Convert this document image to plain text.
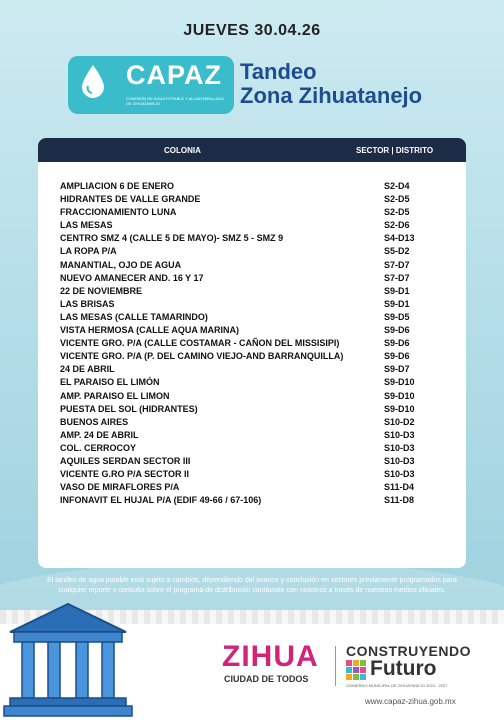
JUEVES 30.04.26
CAPAZ
COMISIÓN DE AGUA POTABLE Y ALCANTARILLADO DE ZIHUATANEJO
Tandeo
Zona Zihuatanejo
COLONIA	SECTOR | DISTRITO
AMPLIACION 6 DE ENERO	S2-D4
HIDRANTES DE VALLE GRANDE	S2-D5
FRACCIONAMIENTO LUNA	S2-D5
LAS MESAS	S2-D6
CENTRO SMZ 4 (CALLE 5 DE MAYO)- SMZ 5 - SMZ 9	S4-D13
LA ROPA P/A	S5-D2
MANANTIAL, OJO DE AGUA	S7-D7
NUEVO AMANECER AND. 16 Y 17	S7-D7
22 DE NOVIEMBRE	S9-D1
LAS BRISAS	S9-D1
LAS MESAS (CALLE TAMARINDO)	S9-D5
VISTA HERMOSA (CALLE AQUA MARINA)	S9-D6
VICENTE GRO. P/A (CALLE COSTAMAR - CAÑON DEL MISSISIPI)	S9-D6
VICENTE GRO. P/A (P. DEL CAMINO VIEJO-AND BARRANQUILLA)	S9-D6
24 DE ABRIL	S9-D7
EL PARAISO EL LIMÓN	S9-D10
AMP. PARAISO EL LIMON	S9-D10
PUESTA DEL SOL (HIDRANTES)	S9-D10
BUENOS AIRES	S10-D2
AMP. 24 DE ABRIL	S10-D3
COL. CERROCOY	S10-D3
AQUILES SERDAN SECTOR III	S10-D3
VICENTE G.RO P/A SECTOR II	S10-D3
VASO DE MIRAFLORES P/A	S11-D4
INFONAVIT EL HUJAL P/A (EDIF 49-66 / 67-106)	S11-D8
El tandeo de agua potable está sujeto a cambios, dependiendo del avance y conclusión en sectores previamente programados para cualquier reporte o consulta sobre el programa de distribución contáctate con nosotros a través de nuestros medios oficiales.
ZIHUA
CIUDAD DE TODOS
CONSTRUYENDO
Futuro
GOBIERNO MUNICIPAL DE ZIHUATANEJO 2024 - 2027
www.capaz-zihua.gob.mx
